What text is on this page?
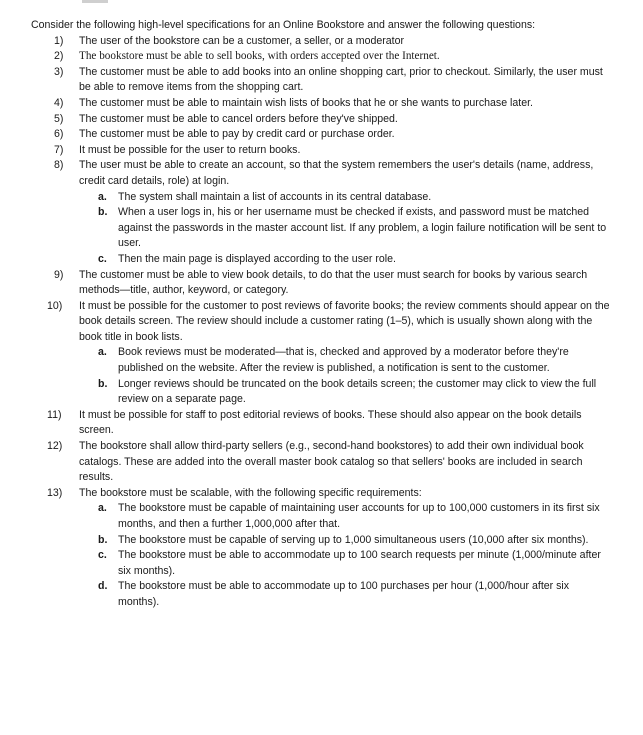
Consider the following high-level specifications for an Online Bookstore and answer the following questions:
1)	The user of the bookstore can be a customer, a seller, or a moderator
2)	The bookstore must be able to sell books, with orders accepted over the Internet.
3)	The customer must be able to add books into an online shopping cart, prior to checkout. Similarly, the user must be able to remove items from the shopping cart.
4)	The customer must be able to maintain wish lists of books that he or she wants to purchase later.
5)	The customer must be able to cancel orders before they've shipped.
6)	The customer must be able to pay by credit card or purchase order.
7)	It must be possible for the user to return books.
8)	The user must be able to create an account, so that the system remembers the user's details (name, address, credit card details, role) at login.
a. The system shall maintain a list of accounts in its central database.
b. When a user logs in, his or her username must be checked if exists, and password must be matched against the passwords in the master account list. If any problem, a login failure notification will be sent to user.
c. Then the main page is displayed according to the user role.
9)	The customer must be able to view book details, to do that the user must search for books by various search methods—title, author, keyword, or category.
10)	It must be possible for the customer to post reviews of favorite books; the review comments should appear on the book details screen. The review should include a customer rating (1–5), which is usually shown along with the book title in book lists.
a. Book reviews must be moderated—that is, checked and approved by a moderator before they're published on the website. After the review is published, a notification is sent to the customer.
b. Longer reviews should be truncated on the book details screen; the customer may click to view the full review on a separate page.
11)	It must be possible for staff to post editorial reviews of books. These should also appear on the book details screen.
12)	The bookstore shall allow third-party sellers (e.g., second-hand bookstores) to add their own individual book catalogs. These are added into the overall master book catalog so that sellers' books are included in search results.
13)	The bookstore must be scalable, with the following specific requirements:
a. The bookstore must be capable of maintaining user accounts for up to 100,000 customers in its first six months, and then a further 1,000,000 after that.
b. The bookstore must be capable of serving up to 1,000 simultaneous users (10,000 after six months).
c. The bookstore must be able to accommodate up to 100 search requests per minute (1,000/minute after six months).
d. The bookstore must be able to accommodate up to 100 purchases per hour (1,000/hour after six months).
